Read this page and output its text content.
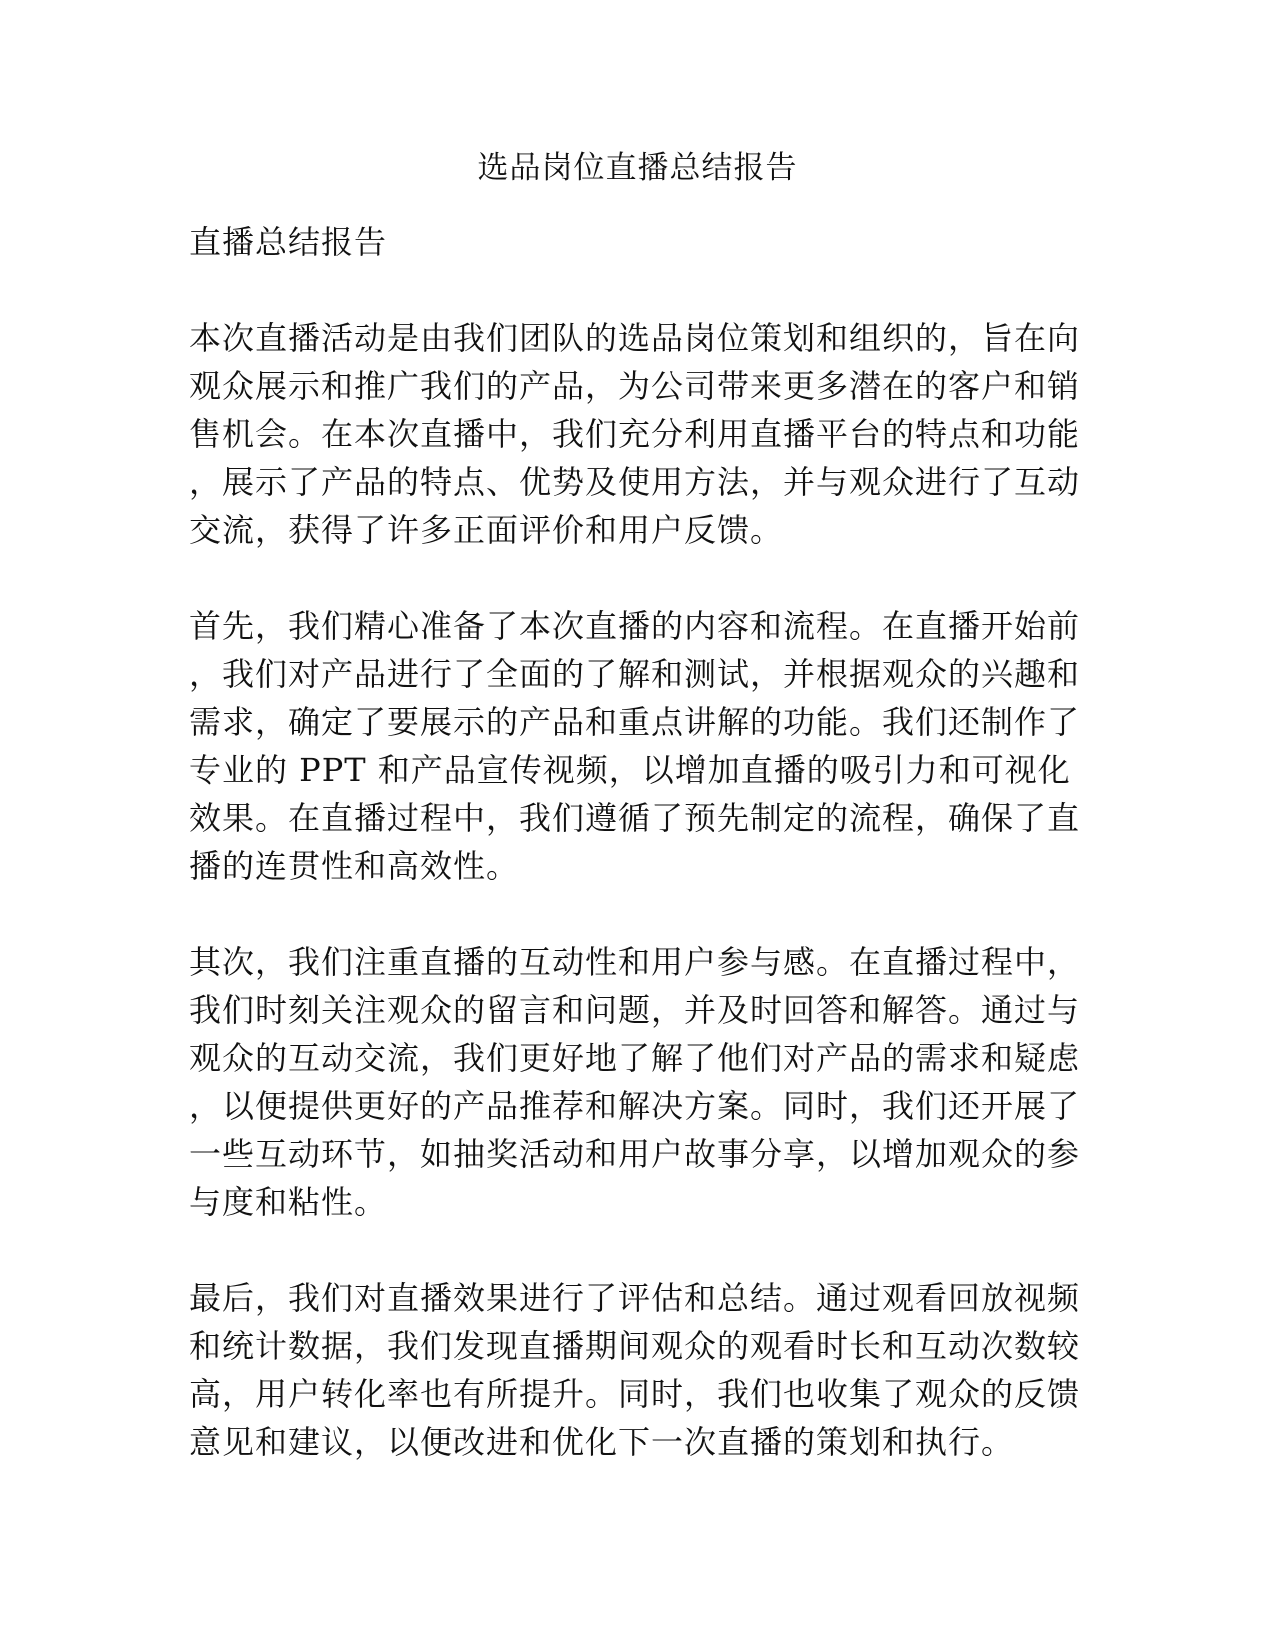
选品岗位直播总结报告
直播总结报告
本次直播活动是由我们团队的选品岗位策划和组织的，旨在向
观众展示和推广我们的产品，为公司带来更多潜在的客户和销
售机会。在本次直播中，我们充分利用直播平台的特点和功能
，展示了产品的特点、优势及使用方法，并与观众进行了互动
交流，获得了许多正面评价和用户反馈。
首先，我们精心准备了本次直播的内容和流程。在直播开始前
，我们对产品进行了全面的了解和测试，并根据观众的兴趣和
需求，确定了要展示的产品和重点讲解的功能。我们还制作了
专业的 PPT 和产品宣传视频，以增加直播的吸引力和可视化
效果。在直播过程中，我们遵循了预先制定的流程，确保了直
播的连贯性和高效性。
其次，我们注重直播的互动性和用户参与感。在直播过程中，
我们时刻关注观众的留言和问题，并及时回答和解答。通过与
观众的互动交流，我们更好地了解了他们对产品的需求和疑虑
，以便提供更好的产品推荐和解决方案。同时，我们还开展了
一些互动环节，如抽奖活动和用户故事分享，以增加观众的参
与度和粘性。
最后，我们对直播效果进行了评估和总结。通过观看回放视频
和统计数据，我们发现直播期间观众的观看时长和互动次数较
高，用户转化率也有所提升。同时，我们也收集了观众的反馈
意见和建议，以便改进和优化下一次直播的策划和执行。
